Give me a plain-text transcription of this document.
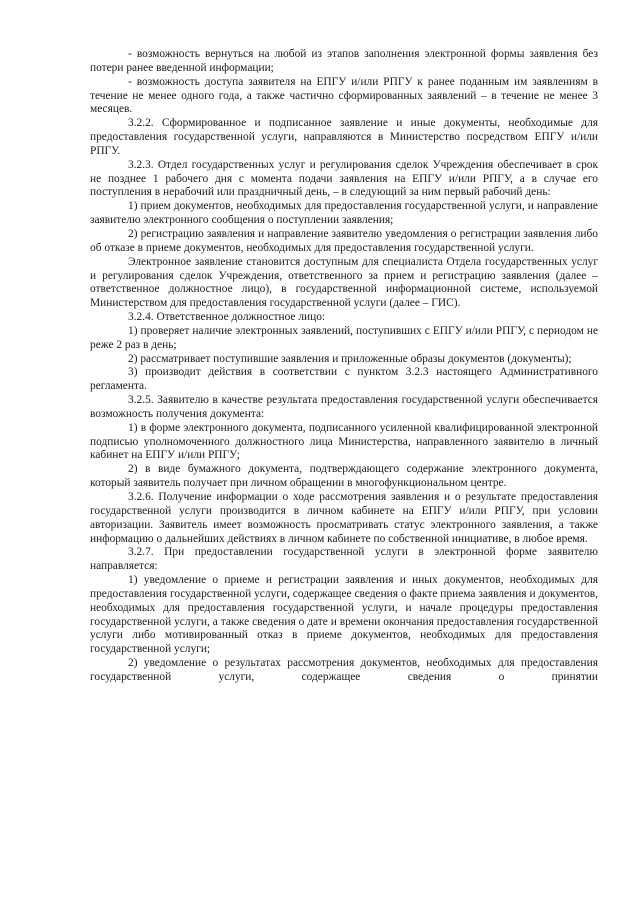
- возможность вернуться на любой из этапов заполнения электронной формы заявления без потери ранее введенной информации;

- возможность доступа заявителя на ЕПГУ и/или РПГУ к ранее поданным им заявлениям в течение не менее одного года, а также частично сформированных заявлений – в течение не менее 3 месяцев.

3.2.2. Сформированное и подписанное заявление и иные документы, необходимые для предоставления государственной услуги, направляются в Министерство посредством ЕПГУ и/или РПГУ.

3.2.3. Отдел государственных услуг и регулирования сделок Учреждения обеспечивает в срок не позднее 1 рабочего дня с момента подачи заявления на ЕПГУ и/или РПГУ, а в случае его поступления в нерабочий или праздничный день, – в следующий за ним первый рабочий день:

1) прием документов, необходимых для предоставления государственной услуги, и направление заявителю электронного сообщения о поступлении заявления;

2) регистрацию заявления и направление заявителю уведомления о регистрации заявления либо об отказе в приеме документов, необходимых для предоставления государственной услуги.

Электронное заявление становится доступным для специалиста Отдела государственных услуг и регулирования сделок Учреждения, ответственного за прием и регистрацию заявления (далее – ответственное должностное лицо), в государственной информационной системе, используемой Министерством для предоставления государственной услуги (далее – ГИС).

3.2.4. Ответственное должностное лицо:

1) проверяет наличие электронных заявлений, поступивших с ЕПГУ и/или РПГУ, с периодом не реже 2 раз в день;

2) рассматривает поступившие заявления и приложенные образы документов (документы);

3) производит действия в соответствии с пунктом 3.2.3 настоящего Административного регламента.

3.2.5. Заявителю в качестве результата предоставления государственной услуги обеспечивается возможность получения документа:

1) в форме электронного документа, подписанного усиленной квалифицированной электронной подписью уполномоченного должностного лица Министерства, направленного заявителю в личный кабинет на ЕПГУ и/или РПГУ;

2) в виде бумажного документа, подтверждающего содержание электронного документа, который заявитель получает при личном обращении в многофункциональном центре.

3.2.6. Получение информации о ходе рассмотрения заявления и о результате предоставления государственной услуги производится в личном кабинете на ЕПГУ и/или РПГУ, при условии авторизации. Заявитель имеет возможность просматривать статус электронного заявления, а также информацию о дальнейших действиях в личном кабинете по собственной инициативе, в любое время.

3.2.7. При предоставлении государственной услуги в электронной форме заявителю направляется:

1) уведомление о приеме и регистрации заявления и иных документов, необходимых для предоставления государственной услуги, содержащее сведения о факте приема заявления и документов, необходимых для предоставления государственной услуги, и начале процедуры предоставления государственной услуги, а также сведения о дате и времени окончания предоставления государственной услуги либо мотивированный отказ в приеме документов, необходимых для предоставления государственной услуги;

2) уведомление о результатах рассмотрения документов, необходимых для предоставления государственной услуги, содержащее сведения о принятии
